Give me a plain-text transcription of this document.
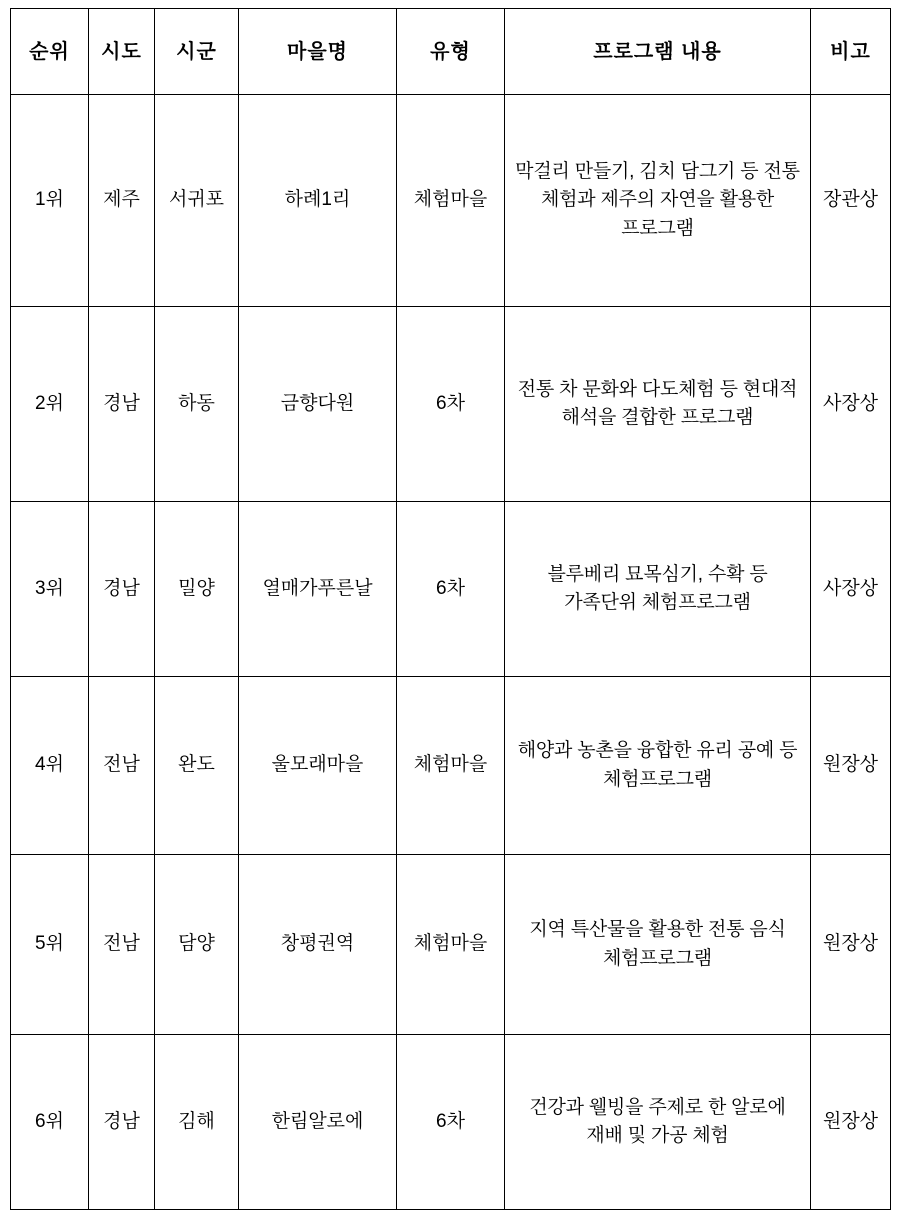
순위	시도	시군	마을명	유형	프로그램 내용	비고
1위	제주	서귀포	하례1리	체험마을	막걸리 만들기, 김치 담그기 등 전통 체험과 제주의 자연을 활용한 프로그램	장관상
2위	경남	하동	금향다원	6차	전통 차 문화와 다도체험 등 현대적 해석을 결합한 프로그램	사장상
3위	경남	밀양	열매가푸른날	6차	블루베리 묘목심기, 수확 등 가족단위 체험프로그램	사장상
4위	전남	완도	울모래마을	체험마을	해양과 농촌을 융합한 유리 공예 등 체험프로그램	원장상
5위	전남	담양	창평권역	체험마을	지역 특산물을 활용한 전통 음식 체험프로그램	원장상
6위	경남	김해	한림알로에	6차	건강과 웰빙을 주제로 한 알로에 재배 및 가공 체험	원장상
